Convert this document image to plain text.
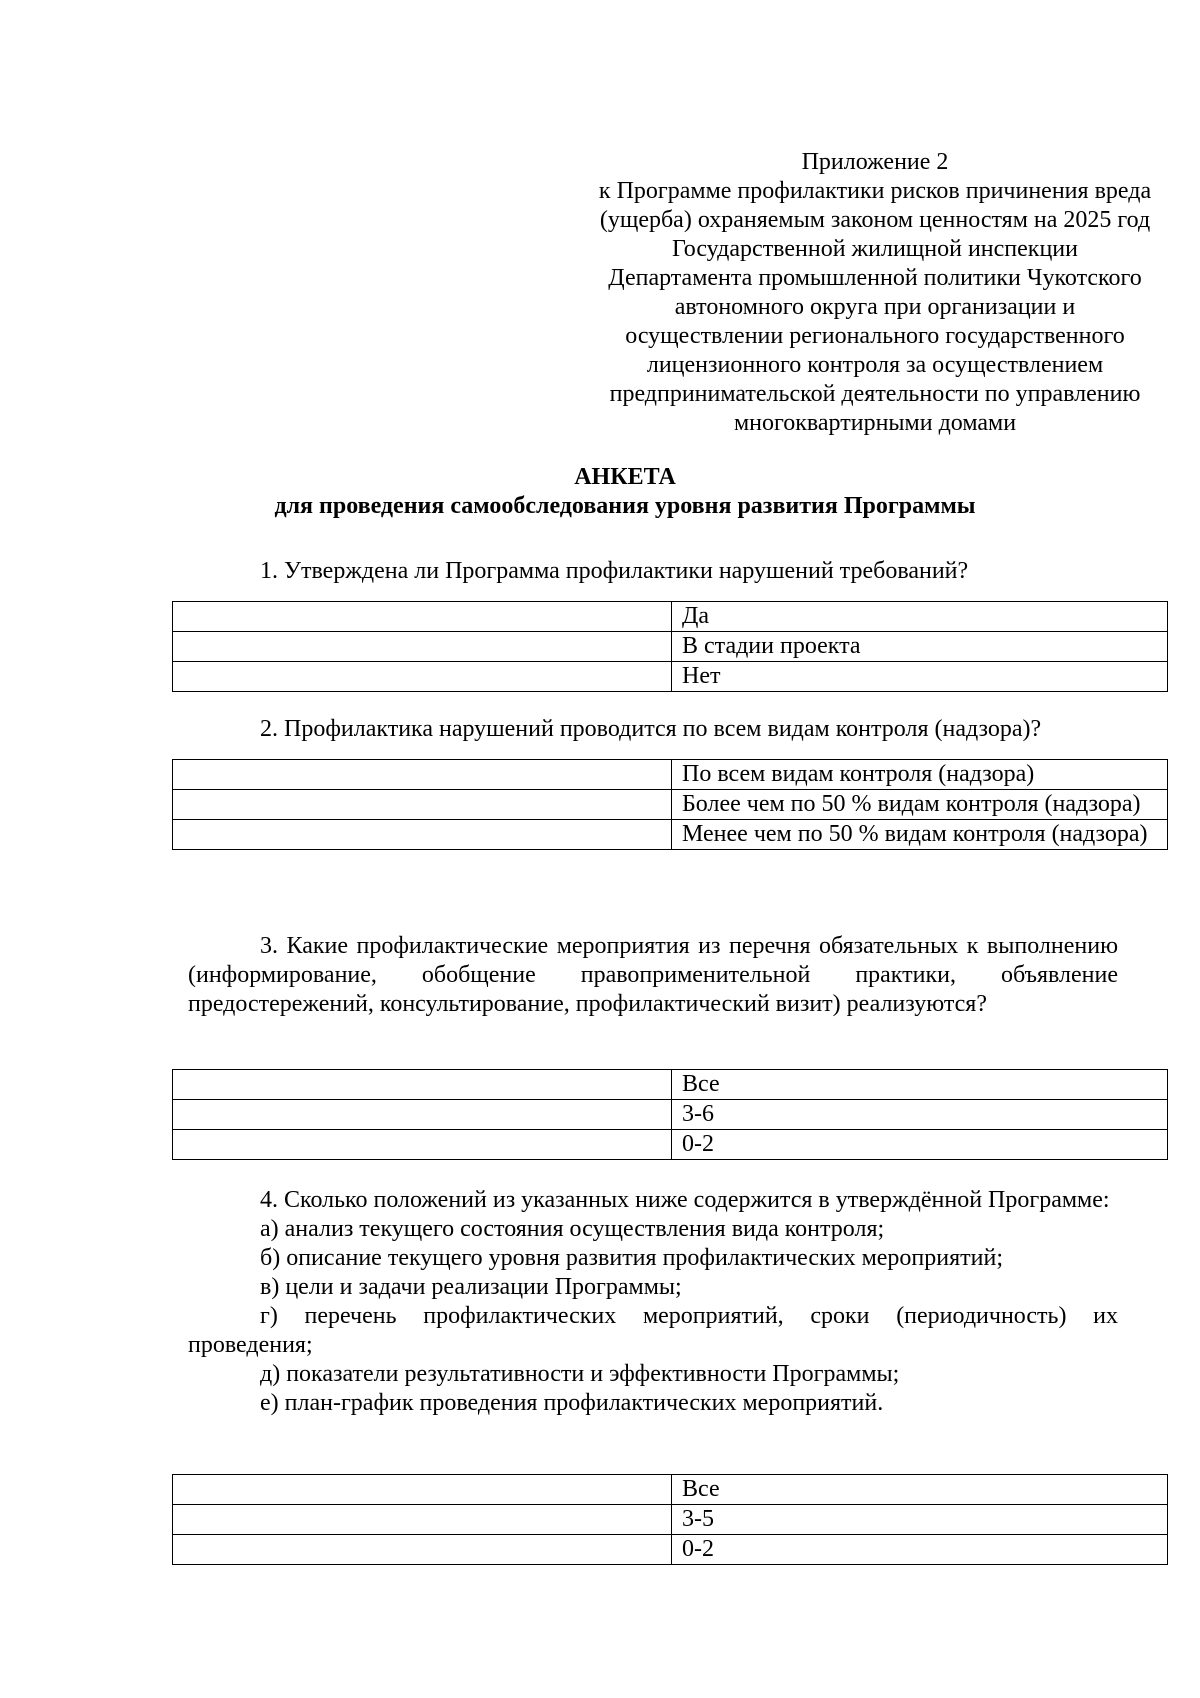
Приложение 2
к Программе профилактики рисков причинения вреда
(ущерба) охраняемым законом ценностям на 2025 год
Государственной жилищной инспекции
Департамента промышленной политики Чукотского
автономного округа при организации и
осуществлении регионального государственного
лицензионного контроля за осуществлением
предпринимательской деятельности по управлению
многоквартирными домами
АНКЕТА
для проведения самообследования уровня развития Программы

1. Утверждена ли Программа профилактики нарушений требований?

	Да
	В стадии проекта
	Нет

2. Профилактика нарушений проводится по всем видам контроля (надзора)?

	По всем видам контроля (надзора)
	Более чем по 50 % видам контроля (надзора)
	Менее чем по 50 % видам контроля (надзора)

3. Какие профилактические мероприятия из перечня обязательных к выполнению (информирование, обобщение правоприменительной практики, объявление предостережений, консультирование, профилактический визит) реализуются?

	Все
	3-6
	0-2

4. Сколько положений из указанных ниже содержится в утверждённой Программе:

а) анализ текущего состояния осуществления вида контроля;

б) описание текущего уровня развития профилактических мероприятий;

в) цели и задачи реализации Программы;

г) перечень профилактических мероприятий, сроки (периодичность) их проведения;

д) показатели результативности и эффективности Программы;

е) план-график проведения профилактических мероприятий.

	Все
	3-5
	0-2
